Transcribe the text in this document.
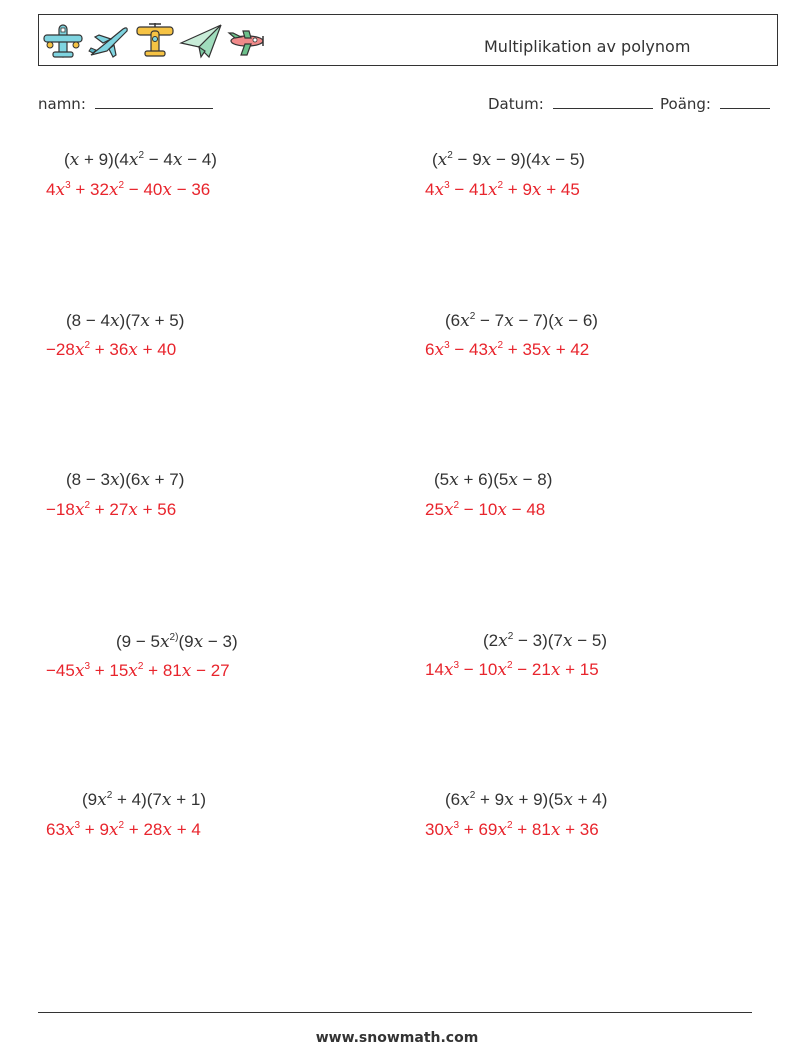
Multiplikation av polynom
namn:	Datum:	Poäng:
$(x + 9)(4x^2 - 4x - 4)$
$4x^3 + 32x^2 - 40x - 36$
$(x^2 - 9x - 9)(4x - 5)$
$4x^3 - 41x^2 + 9x + 45$
(8 − 4x)(7x + 5)
$-28x^2 + 36x + 40$
$(6x^2 - 7x - 7)(x - 6)$
$6x^3 - 43x^2 + 35x + 42$
(8 − 3x)(6x + 7)
$-18x^2 + 27x + 56$
(5x + 6)(5x − 8)
$25x^2 - 10x - 48$
($9 - 5x^{2)}(9x - 3)$
$-45x^3 + 15x^2 + 81x - 27$
$(2x^2 - 3)(7x - 5)$
$14x^3 - 10x^2 - 21x + 15$
$(9x^2 + 4)(7x + 1)$
$63x^3 + 9x^2 + 28x + 4$
$(6x^2 + 9x + 9)(5x + 4)$
$30x^3 + 69x^2 + 81x + 36$
www.snowmath.com
